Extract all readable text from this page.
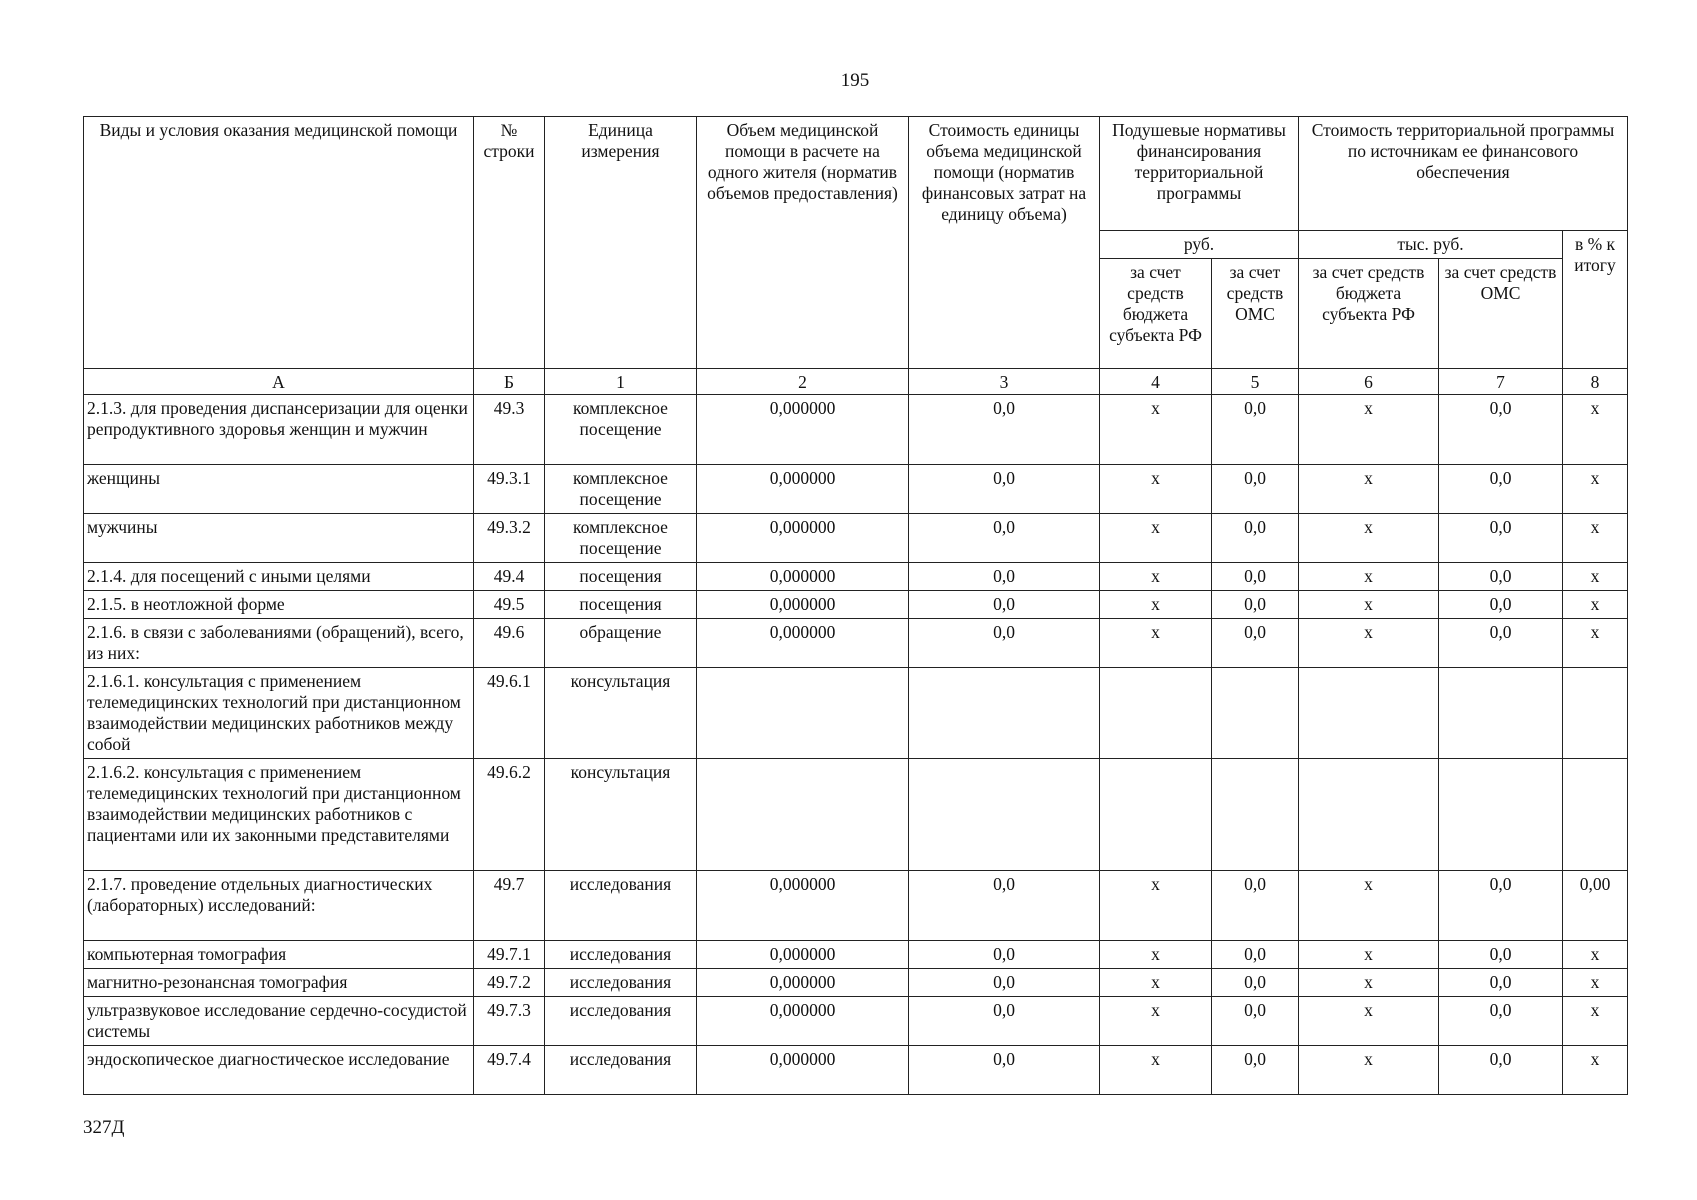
195
Виды и условия оказания медицинской помощи	№ строки	Единица измерения	Объем медицинской помощи в расчете на одного жителя (норматив объемов предоставления)	Стоимость единицы объема медицинской помощи (норматив финансовых затрат на единицу объема)	Подушевые нормативы финансирования территориальной программы		Стоимость территориальной программы по источникам ее финансового обеспечения		
					руб.		тыс. руб.		в % к итогу
					за счет средств бюджета субъекта РФ	за счет средств ОМС	за счет средств бюджета субъекта РФ	за счет средств ОМС	
А	Б	1	2	3	4	5	6	7	8
2.1.3. для проведения диспансеризации для оценки репродуктивного здоровья женщин и мужчин	49.3	комплексное посещение	0,000000	0,0	х	0,0	х	0,0	х
женщины	49.3.1	комплексное посещение	0,000000	0,0	х	0,0	х	0,0	х
мужчины	49.3.2	комплексное посещение	0,000000	0,0	х	0,0	х	0,0	х
2.1.4. для посещений с иными целями	49.4	посещения	0,000000	0,0	х	0,0	х	0,0	х
2.1.5. в неотложной форме	49.5	посещения	0,000000	0,0	х	0,0	х	0,0	х
2.1.6. в связи с заболеваниями (обращений), всего, из них:	49.6	обращение	0,000000	0,0	х	0,0	х	0,0	х
2.1.6.1. консультация с применением телемедицинских технологий при дистанционном взаимодействии медицинских работников между собой	49.6.1	консультация							
2.1.6.2. консультация с применением телемедицинских технологий при дистанционном взаимодействии медицинских работников с пациентами или их законными представителями	49.6.2	консультация							
2.1.7. проведение отдельных диагностических (лабораторных) исследований:	49.7	исследования	0,000000	0,0	х	0,0	х	0,0	0,00
компьютерная томография	49.7.1	исследования	0,000000	0,0	х	0,0	х	0,0	х
магнитно-резонансная томография	49.7.2	исследования	0,000000	0,0	х	0,0	х	0,0	х
ультразвуковое исследование сердечно-сосудистой системы	49.7.3	исследования	0,000000	0,0	х	0,0	х	0,0	х
эндоскопическое диагностическое исследование	49.7.4	исследования	0,000000	0,0	х	0,0	х	0,0	х
327Д
